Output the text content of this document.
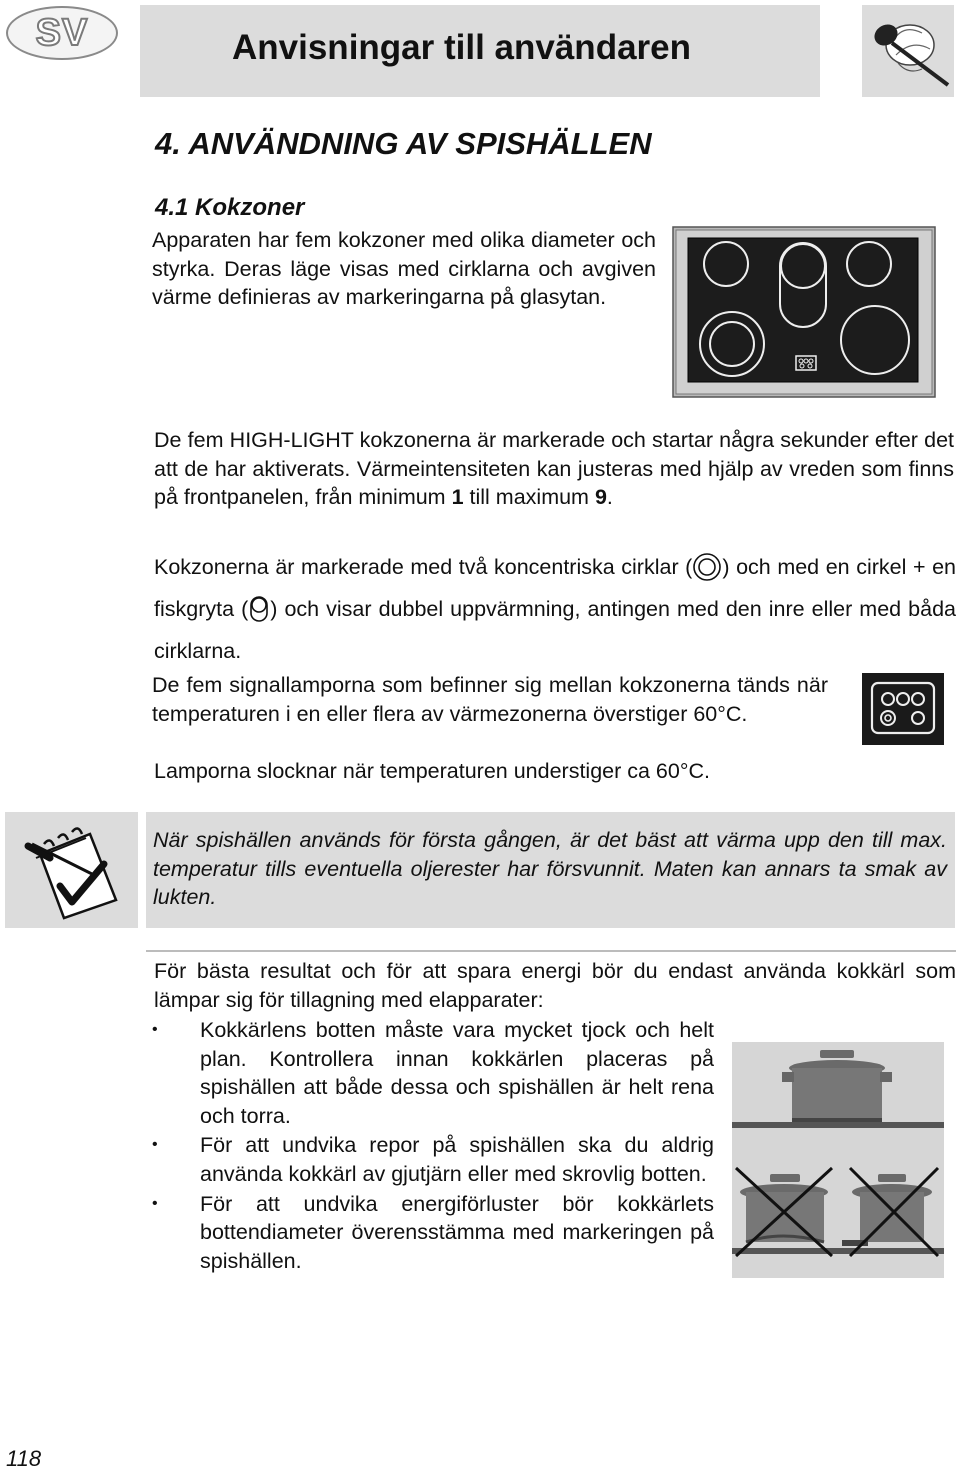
SV	Anvisningar till användaren
4. ANVÄNDNING AV SPISHÄLLEN
4.1 Kokzoner
Apparaten har fem kokzoner med olika diameter och styrka. Deras läge visas med cirklarna och avgiven värme definieras av markeringarna på glasytan.
De fem HIGH-LIGHT kokzonerna är markerade och startar några sekunder efter det att de har aktiverats. Värmeintensiteten kan justeras med hjälp av vreden som finns på frontpanelen, från minimum 1 till maximum 9.
Kokzonerna är markerade med två koncentriska cirklar ( ) och med en cirkel + en fiskgryta ( ) och visar dubbel uppvärmning, antingen med den inre eller med båda cirklarna.
De fem signallamporna som befinner sig mellan kokzonerna tänds när temperaturen i en eller flera av värmezonerna överstiger 60°C.
Lamporna slocknar när temperaturen understiger ca 60°C.
När spishällen används för första gången, är det bäst att värma upp den till max. temperatur tills eventuella oljerester har försvunnit. Maten kan annars ta smak av lukten.
För bästa resultat och för att spara energi bör du endast använda kokkärl som lämpar sig för tillagning med elapparater:
• Kokkärlens botten måste vara mycket tjock och helt plan. Kontrollera innan kokkärlen placeras på spishällen att både dessa och spishällen är helt rena och torra.
• För att undvika repor på spishällen ska du aldrig använda kokkärl av gjutjärn eller med skrovlig botten.
• För att undvika energiförluster bör kokkärlets bottendiameter överensstämma med markeringen på spishällen.
118
